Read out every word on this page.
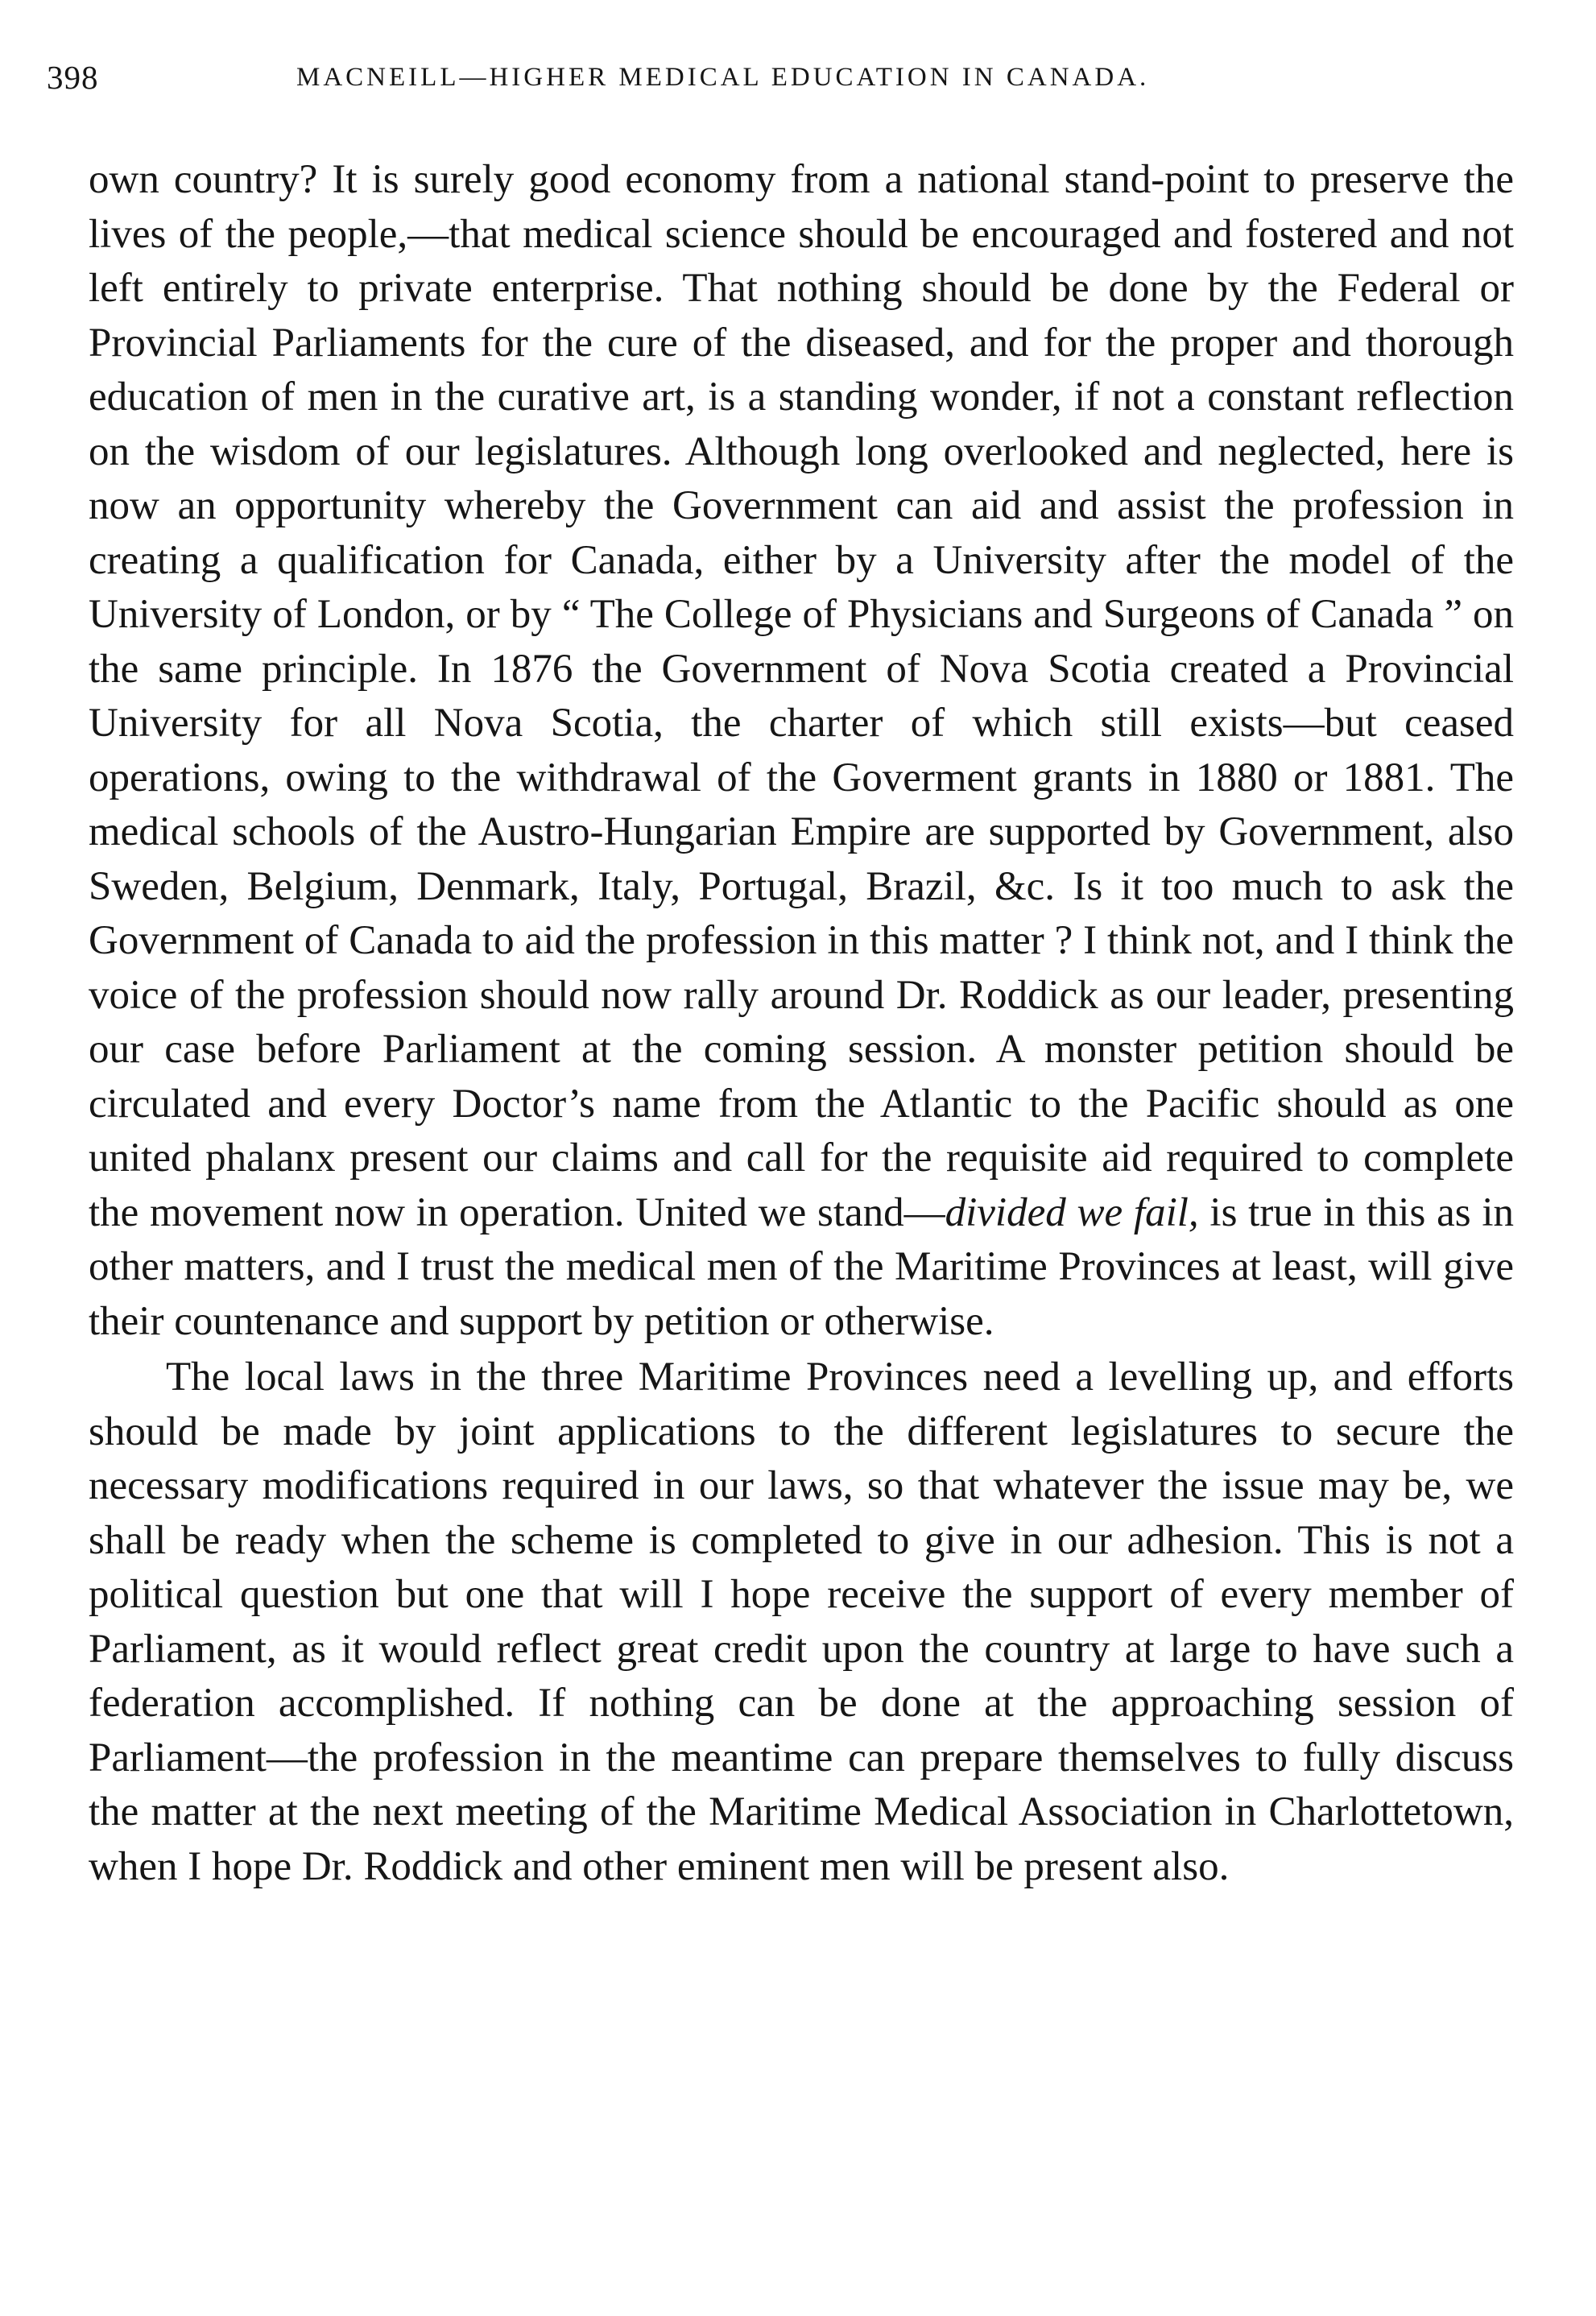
398	MACNEILL—HIGHER MEDICAL EDUCATION IN CANADA.

own country? It is surely good economy from a national stand-point to preserve the lives of the people,—that medical science should be encouraged and fostered and not left entirely to private enterprise. That nothing should be done by the Federal or Provincial Parliaments for the cure of the diseased, and for the proper and thorough education of men in the curative art, is a standing wonder, if not a constant reflection on the wisdom of our legislatures. Although long overlooked and neglected, here is now an opportunity whereby the Government can aid and assist the profession in creating a qualification for Canada, either by a University after the model of the University of London, or by “ The College of Physicians and Surgeons of Canada ” on the same principle. In 1876 the Government of Nova Scotia created a Provincial University for all Nova Scotia, the charter of which still exists—but ceased operations, owing to the withdrawal of the Goverment grants in 1880 or 1881. The medical schools of the Austro-Hungarian Empire are supported by Government, also Sweden, Belgium, Denmark, Italy, Portugal, Brazil, &c. Is it too much to ask the Government of Canada to aid the profession in this matter ? I think not, and I think the voice of the profession should now rally around Dr. Roddick as our leader, presenting our case before Parliament at the coming session. A monster petition should be circulated and every Doctor’s name from the Atlantic to the Pacific should as one united phalanx present our claims and call for the requisite aid required to complete the movement now in operation. United we stand—divided we fail, is true in this as in other matters, and I trust the medical men of the Maritime Provinces at least, will give their countenance and support by petition or otherwise.

The local laws in the three Maritime Provinces need a levelling up, and efforts should be made by joint applications to the different legislatures to secure the necessary modifications required in our laws, so that whatever the issue may be, we shall be ready when the scheme is completed to give in our adhesion. This is not a political question but one that will I hope receive the support of every member of Parliament, as it would reflect great credit upon the country at large to have such a federation accomplished. If nothing can be done at the approaching session of Parliament—the profession in the meantime can prepare themselves to fully discuss the matter at the next meeting of the Maritime Medical Association in Charlottetown, when I hope Dr. Roddick and other eminent men will be present also.
